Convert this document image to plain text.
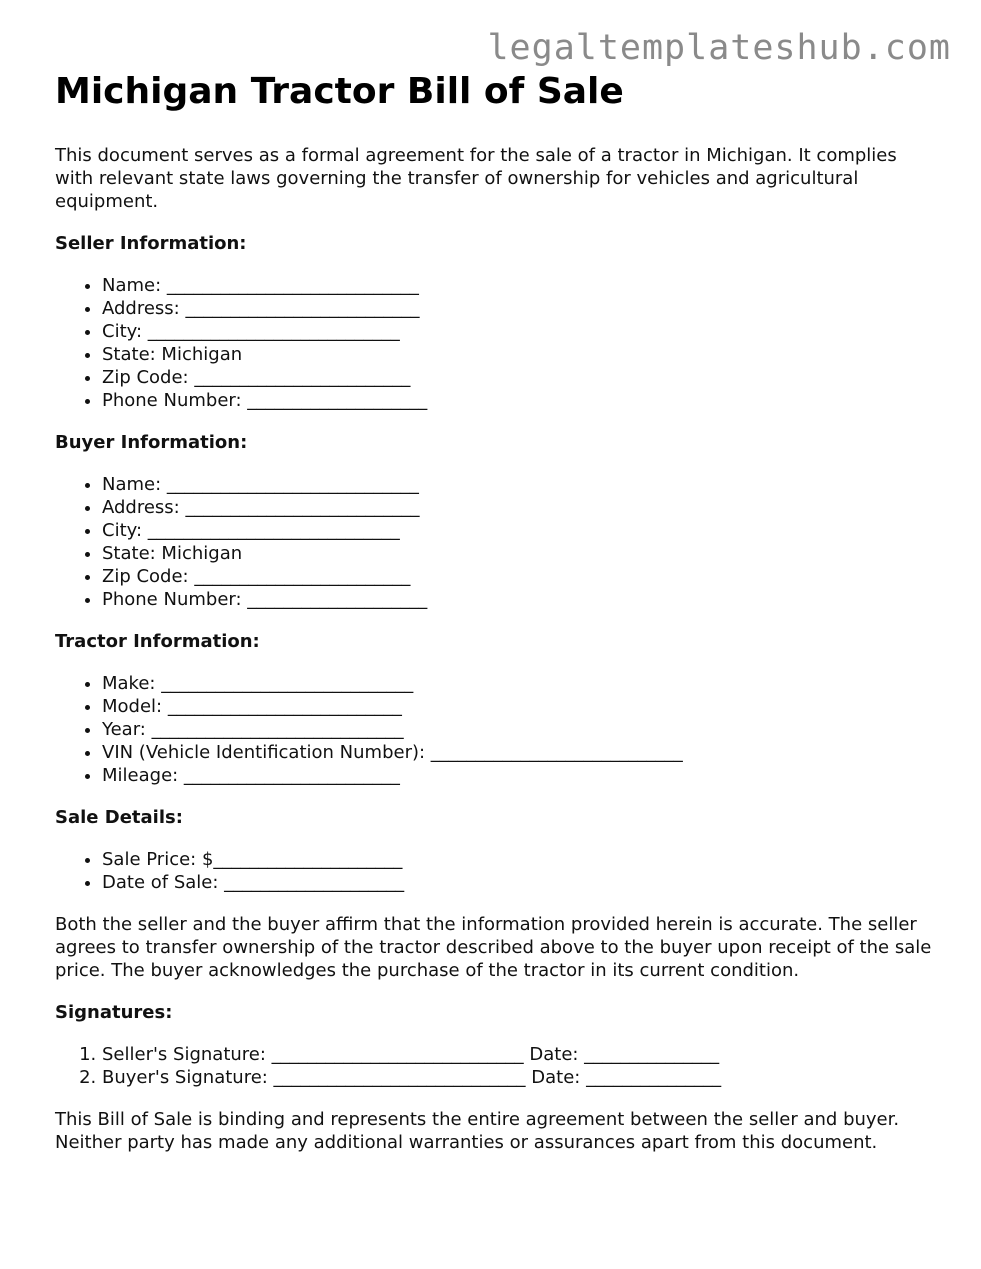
legaltemplateshub.com
Michigan Tractor Bill of Sale

This document serves as a formal agreement for the sale of a tractor in Michigan. It complies with relevant state laws governing the transfer of ownership for vehicles and agricultural equipment.

Seller Information:
• Name: ____________________________
• Address: __________________________
• City: ____________________________
• State: Michigan
• Zip Code: ________________________
• Phone Number: ____________________
Buyer Information:
• Name: ____________________________
• Address: __________________________
• City: ____________________________
• State: Michigan
• Zip Code: ________________________
• Phone Number: ____________________
Tractor Information:
• Make: ____________________________
• Model: __________________________
• Year: ____________________________
• VIN (Vehicle Identification Number): ____________________________
• Mileage: ________________________
Sale Details:
• Sale Price: $_____________________
• Date of Sale: ____________________

Both the seller and the buyer affirm that the information provided herein is accurate. The seller agrees to transfer ownership of the tractor described above to the buyer upon receipt of the sale price. The buyer acknowledges the purchase of the tractor in its current condition.

Signatures:
1. Seller's Signature: ____________________________ Date: _______________
2. Buyer's Signature: ____________________________ Date: _______________

This Bill of Sale is binding and represents the entire agreement between the seller and buyer. Neither party has made any additional warranties or assurances apart from this document.
